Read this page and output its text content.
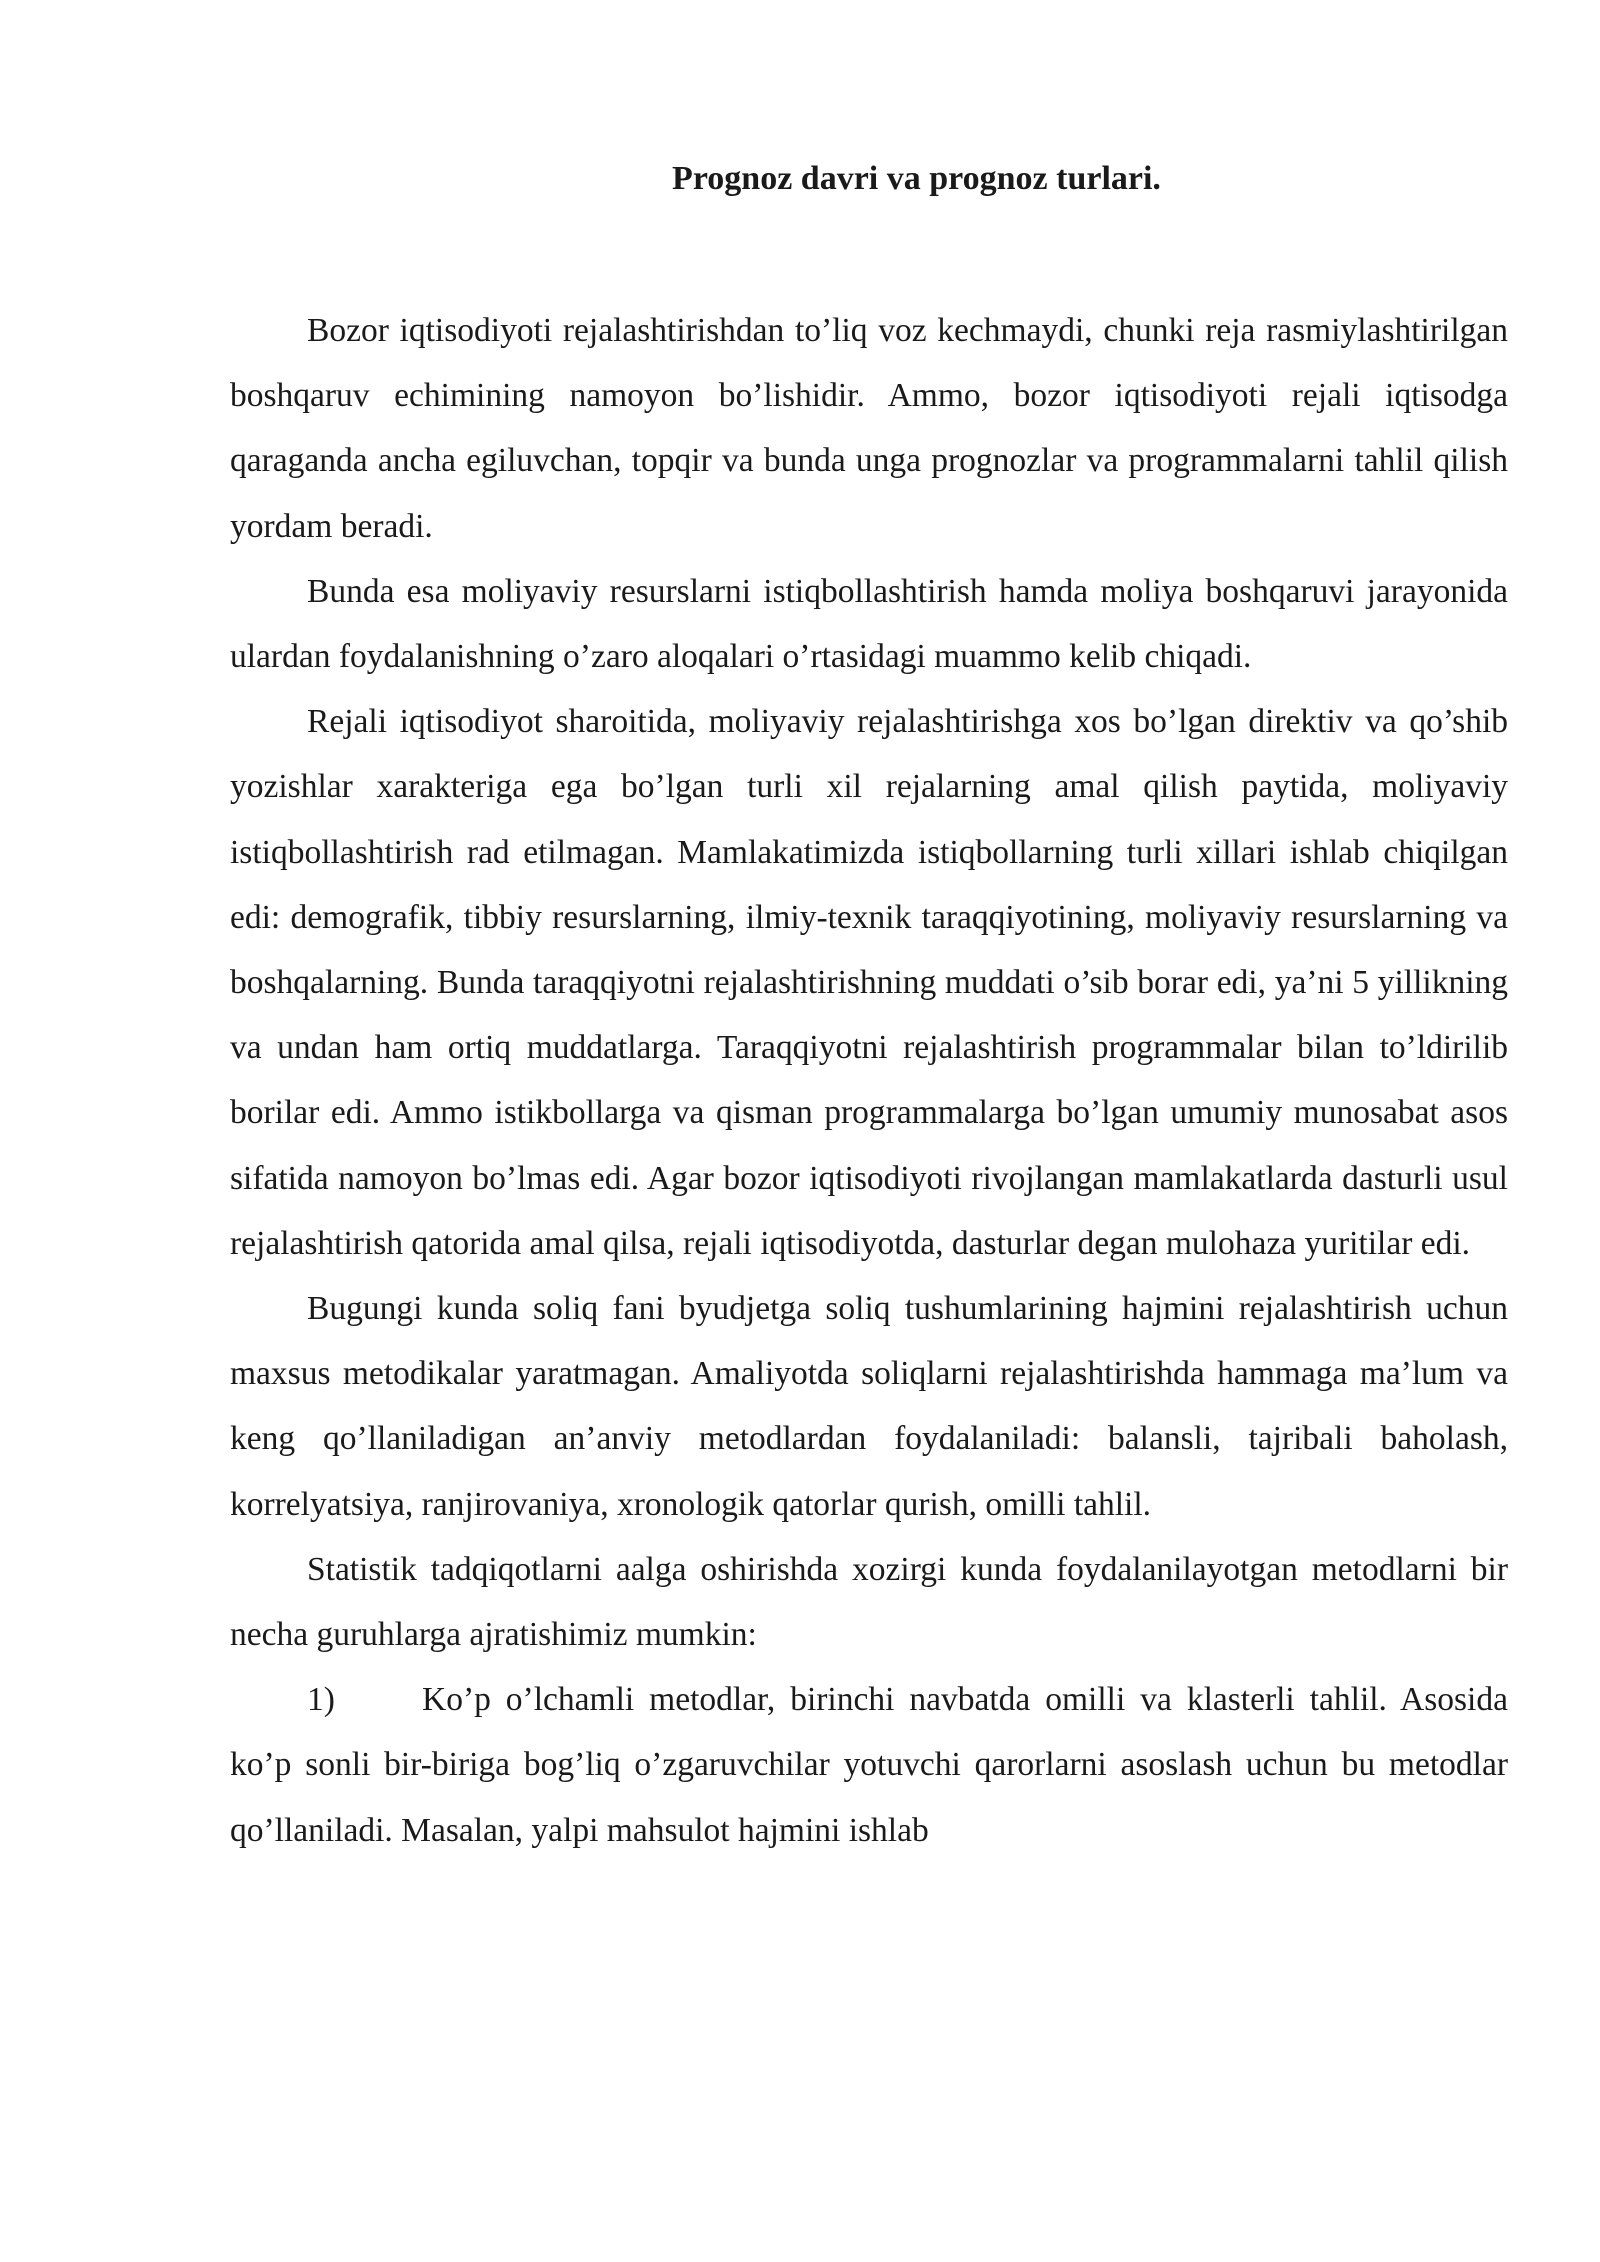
Prognoz davri va prognoz turlari.

Bozor iqtisodiyoti rejalashtirishdan to’liq voz kechmaydi, chunki reja rasmiylashtirilgan boshqaruv echimining namoyon bo’lishidir. Ammo, bozor iqtisodiyoti rejali iqtisodga qaraganda ancha egiluvchan, topqir va bunda unga prognozlar va programmalarni tahlil qilish yordam beradi.

Bunda esa moliyaviy resurslarni istiqbollashtirish hamda moliya boshqaruvi jarayonida ulardan foydalanishning o’zaro aloqalari o’rtasidagi muammo kelib chiqadi.

Rejali iqtisodiyot sharoitida, moliyaviy rejalashtirishga xos bo’lgan direktiv va qo’shib yozishlar xarakteriga ega bo’lgan turli xil rejalarning amal qilish paytida, moliyaviy istiqbollashtirish rad etilmagan. Mamlakatimizda istiqbollarning turli xillari ishlab chiqilgan edi: demografik, tibbiy resurslarning, ilmiy-texnik taraqqiyotining, moliyaviy resurslarning va boshqalarning. Bunda taraqqiyotni rejalashtirishning muddati o’sib borar edi, ya’ni 5 yillikning va undan ham ortiq muddatlarga. Taraqqiyotni rejalashtirish programmalar bilan to’ldirilib borilar edi. Ammo istikbollarga va qisman programmalarga bo’lgan umumiy munosabat asos sifatida namoyon bo’lmas edi. Agar bozor iqtisodiyoti rivojlangan mamlakatlarda dasturli usul rejalashtirish qatorida amal qilsa, rejali iqtisodiyotda, dasturlar degan mulohaza yuritilar edi.

Bugungi kunda soliq fani byudjetga soliq tushumlarining hajmini rejalashtirish uchun maxsus metodikalar yaratmagan. Amaliyotda soliqlarni rejalashtirishda hammaga ma’lum va keng qo’llaniladigan an’anviy metodlardan foydalaniladi: balansli, tajribali baholash, korrelyatsiya, ranjirovaniya, xronologik qatorlar qurish, omilli tahlil.

Statistik tadqiqotlarni aalga oshirishda xozirgi kunda foydalanilayotgan metodlarni bir necha guruhlarga ajratishimiz mumkin:

1)	Ko’p o’lchamli metodlar, birinchi navbatda omilli va klasterli tahlil. Asosida ko’p sonli bir-biriga bog’liq o’zgaruvchilar yotuvchi qarorlarni asoslash uchun bu metodlar qo’llaniladi. Masalan, yalpi mahsulot hajmini ishlab
